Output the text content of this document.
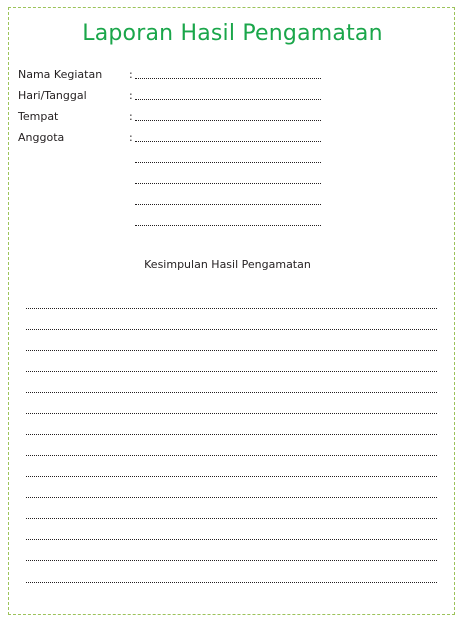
Laporan Hasil Pengamatan
Nama Kegiatan :
Hari/Tanggal	:
Tempat	:
Anggota	:
Kesimpulan Hasil Pengamatan
